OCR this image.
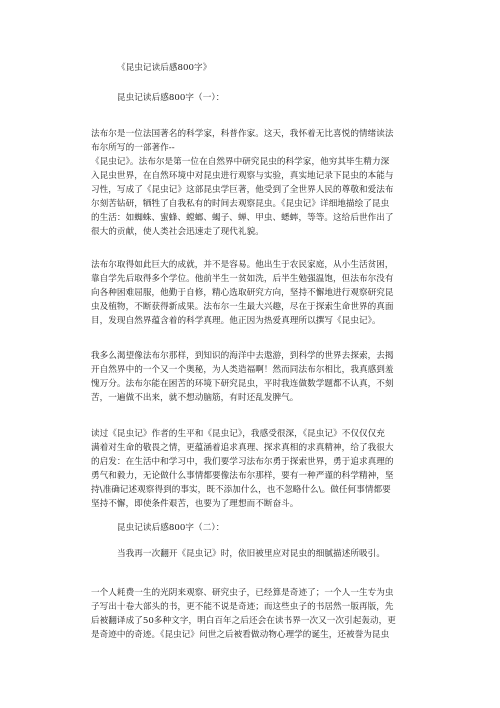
《昆虫记读后感800字》
昆虫记读后感800字（一）：
法布尔是一位法国著名的科学家，科普作家。这天，我怀着无比喜悦的情绪读法
布尔所写的一部著作--
《昆虫记》。法布尔是第一位在自然界中研究昆虫的科学家，他穷其毕生精力深
入昆虫世界，在自然环境中对昆虫进行观察与实验，真实地记录下昆虫的本能与
习性，写成了《昆虫记》这部昆虫学巨著，他受到了全世界人民的尊敬和爱法布
尔刻苦钻研，牺牲了自我私有的时间去观察昆虫。《昆虫记》详细地描绘了昆虫
的生活：如蜘蛛、蜜蜂、螳螂、蝎子、蝉、甲虫、蟋蟀，等等。这给后世作出了
很大的贡献，使人类社会迅速走了现代礼貌。
法布尔取得如此巨大的成就，并不是容易。他出生于农民家庭，从小生活贫困，
靠自学先后取得多个学位。他前半生一贫如洗，后半生勉强温饱，但法布尔没有
向各种困难屈服，他勤于自修，精心选取研究方向，坚持不懈地进行观察研究昆
虫及植物，不断获得新成果。法布尔一生最大兴趣，尽在于探索生命世界的真面
目，发现自然界蕴含着的科学真理。他正因为热爱真理所以撰写《昆虫记》。
我多么渴望像法布尔那样，到知识的海洋中去遨游，到科学的世界去探索，去揭
开自然界中的一个又一个奥秘，为人类造福啊！然而同法布尔相比，我真感到羞
愧万分。法布尔能在困苦的环境下研究昆虫，平时我连做数学题都不认真，不刻
苦，一遍做不出来，就不想动脑筋，有时还乱发脾气。
读过《昆虫记》作者的生平和《昆虫记》，我感受很深，《昆虫记》不仅仅仅充
满着对生命的敬畏之情，更蕴涵着追求真理、探求真相的求真精神，给了我很大
的启发：在生活中和学习中，我们要学习法布尔勇于探索世界，勇于追求真理的
勇气和毅力，无论做什么事情都要像法布尔那样，要有一种严谨的科学精神，坚
持\准确记述观察得到的事实，既不添加什么，也不忽略什么\。做任何事情都要
坚持不懈，即使条件艰苦，也要为了理想而不断奋斗。
昆虫记读后感800字（二）：
当我再一次翻开《昆虫记》时，依旧被里应对昆虫的细腻描述所吸引。
一个人耗费一生的光阴来观察、研究虫子，已经算是奇迹了；一个人一生专为虫
子写出十卷大部头的书，更不能不说是奇迹；而这些虫子的书居然一版再版，先
后被翻译成了50多种文字，明白百年之后还会在读书界一次又一次引起轰动，更
是奇迹中的奇迹。《昆虫记》问世之后被看做动物心理学的诞生，还被誉为昆虫
